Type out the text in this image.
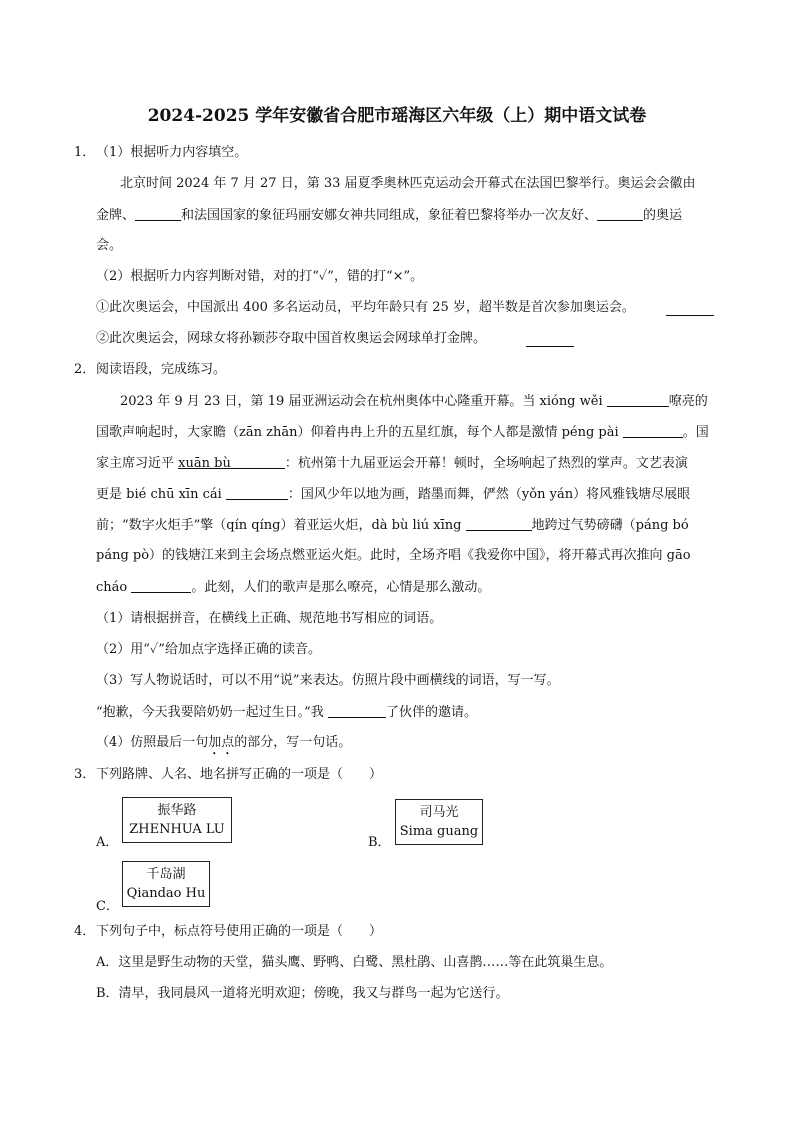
2024-2025 学年安徽省合肥市瑶海区六年级（上）期中语文试卷
1． （1）根据听力内容填空。
北京时间 2024 年 7 月 27 日，第 33 届夏季奥林匹克运动会开幕式在法国巴黎举行。奥运会会徽由
金牌、	和法国国家的象征玛丽安娜女神共同组成，象征着巴黎将举办一次友好、	的奥运
会。
（2）根据听力内容判断对错，对的打“✓”，错的打“×”。
①此次奥运会，中国派出 400 多名运动员，平均年龄只有 25 岁，超半数是首次参加奥运会。
②此次奥运会，网球女将孙颖莎夺取中国首枚奥运会网球单打金牌。
2． 阅读语段，完成练习。
2023 年 9 月 23 日，第 19 届亚洲运动会在杭州奥体中心隆重开幕。当 xióng wěi	嘹亮的
国歌声响起时，大家瞻（zān zhān）仰着冉冉上升的五星红旗，每个人都是激情 péng pài	。国
家主席习近平 xuān bù	：杭州第十九届亚运会开幕！顿时，全场响起了热烈的掌声。文艺表演
更是 bié chū xīn cái	：国风少年以地为画，踏墨而舞，俨然（yǒn yán）将风雅钱塘尽展眼
前；“数字火炬手”擎（qín qíng）着亚运火炬，dà bù liú xīng	地跨过气势磅礴（páng bó
páng pò）的钱塘江来到主会场点燃亚运火炬。此时，全场齐唱《我爱你中国》，将开幕式再次推向 gāo
cháo	。此刻，人们的歌声是那么嘹亮，心情是那么激动。
（1）请根据拼音，在横线上正确、规范地书写相应的词语。
（2）用“✓”给加点字选择正确的读音。
（3）写人物说话时，可以不用“说”来表达。仿照片段中画横线的词语，写一写。
“抱歉，今天我要陪奶奶一起过生日。”我	了伙伴的邀请。
（4）仿照最后一句加点的部分，写一句话。
3． 下列路牌、人名、地名拼写正确的一项是（　　）
A．
振华路
ZHENHUA LU
B．
司马光
Sima guang
C．
千岛湖
Qiandao Hu
4． 下列句子中，标点符号使用正确的一项是（　　）
A．这里是野生动物的天堂，猫头鹰、野鸭、白鹭、黑杜鹃、山喜鹊……等在此筑巢生息。
B．清早，我同晨风一道将光明欢迎；傍晚，我又与群鸟一起为它送行。
